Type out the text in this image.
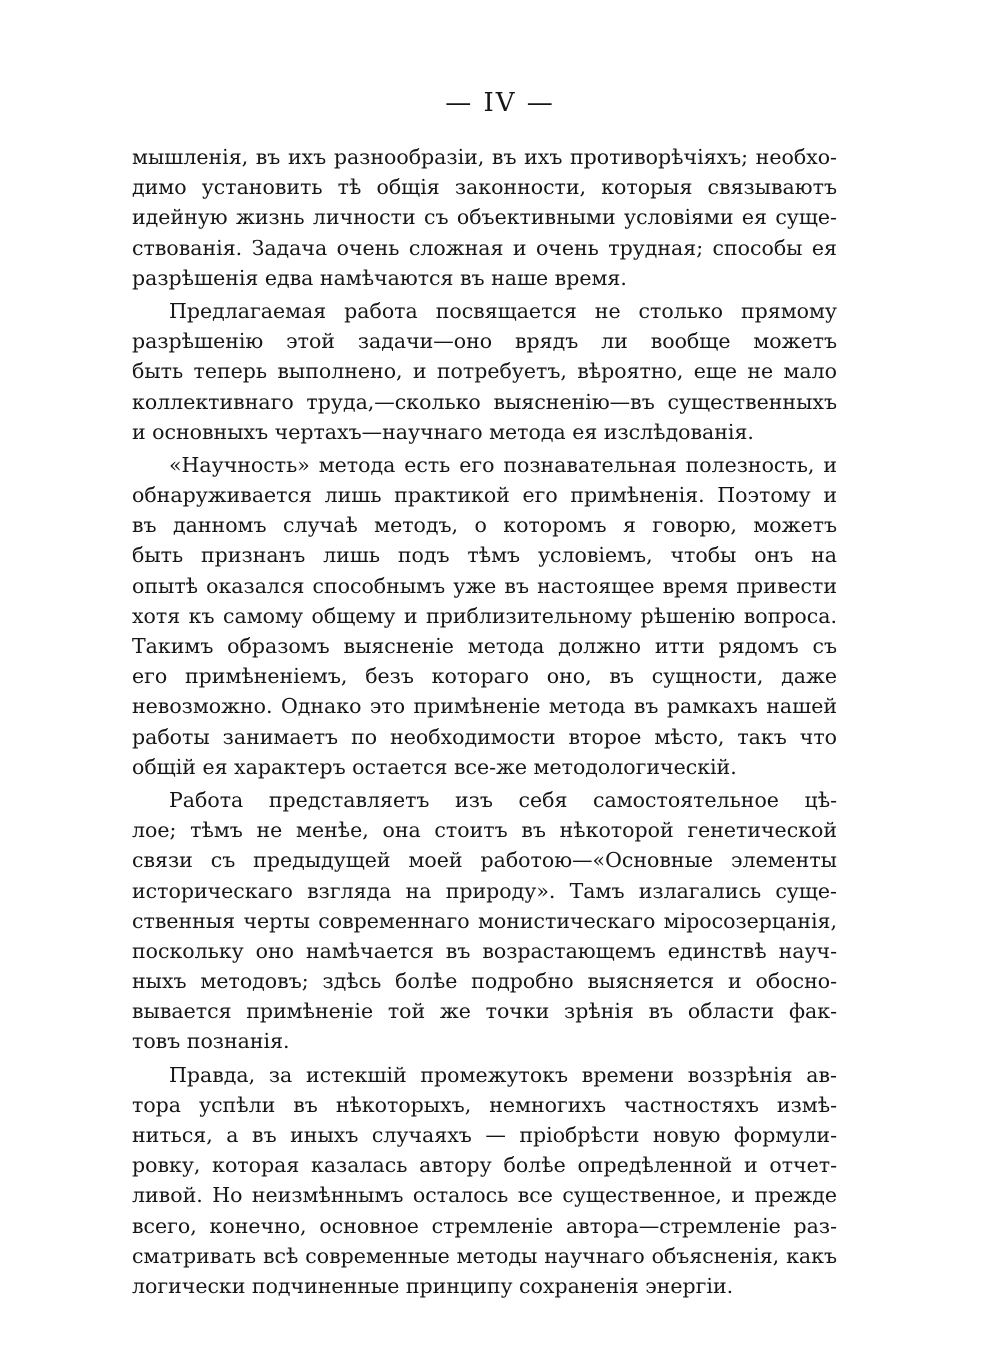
— IV —
мышленія, въ ихъ разнообразіи, въ ихъ противорѣчіяхъ; необхо-
димо установить тѣ общія законности, которыя связываютъ
идейную жизнь личности съ объективными условіями ея суще-
ствованія. Задача очень сложная и очень трудная; способы ея
разрѣшенія едва намѣчаются въ наше время.
Предлагаемая работа посвящается не столько прямому
разрѣшенію этой задачи—оно врядъ ли вообще можетъ
быть теперь выполнено, и потребуетъ, вѣроятно, еще не мало
коллективнаго труда,—сколько выясненію—въ существенныхъ
и основныхъ чертахъ—научнаго метода ея изслѣдованія.
«Научность» метода есть его познавательная полезность, и
обнаруживается лишь практикой его примѣненія. Поэтому и
въ данномъ случаѣ методъ, о которомъ я говорю, можетъ
быть признанъ лишь подъ тѣмъ условіемъ, чтобы онъ на
опытѣ оказался способнымъ уже въ настоящее время привести
хотя къ самому общему и приблизительному рѣшенію вопроса.
Такимъ образомъ выясненіе метода должно итти рядомъ съ
его примѣненіемъ, безъ котораго оно, въ сущности, даже
невозможно. Однако это примѣненіе метода въ рамкахъ нашей
работы занимаетъ по необходимости второе мѣсто, такъ что
общій ея характеръ остается все-же методологическій.
Работа представляетъ изъ себя самостоятельное цѣ-
лое; тѣмъ не менѣе, она стоитъ въ нѣкоторой генетической
связи съ предыдущей моей работою—«Основные элементы
историческаго взгляда на природу». Тамъ излагались суще-
ственныя черты современнаго монистическаго міросозерцанія,
поскольку оно намѣчается въ возрастающемъ единствѣ науч-
ныхъ методовъ; здѣсь болѣе подробно выясняется и обосно-
вывается примѣненіе той же точки зрѣнія въ области фак-
товъ познанія.
Правда, за истекшій промежутокъ времени воззрѣнія ав-
тора успѣли въ нѣкоторыхъ, немногихъ частностяхъ измѣ-
ниться, а въ иныхъ случаяхъ — пріобрѣсти новую формули-
ровку, которая казалась автору болѣе опредѣленной и отчет-
ливой. Но неизмѣннымъ осталось все существенное, и прежде
всего, конечно, основное стремленіе автора—стремленіе раз-
сматривать всѣ современные методы научнаго объясненія, какъ
логически подчиненные принципу сохраненія энергіи.
